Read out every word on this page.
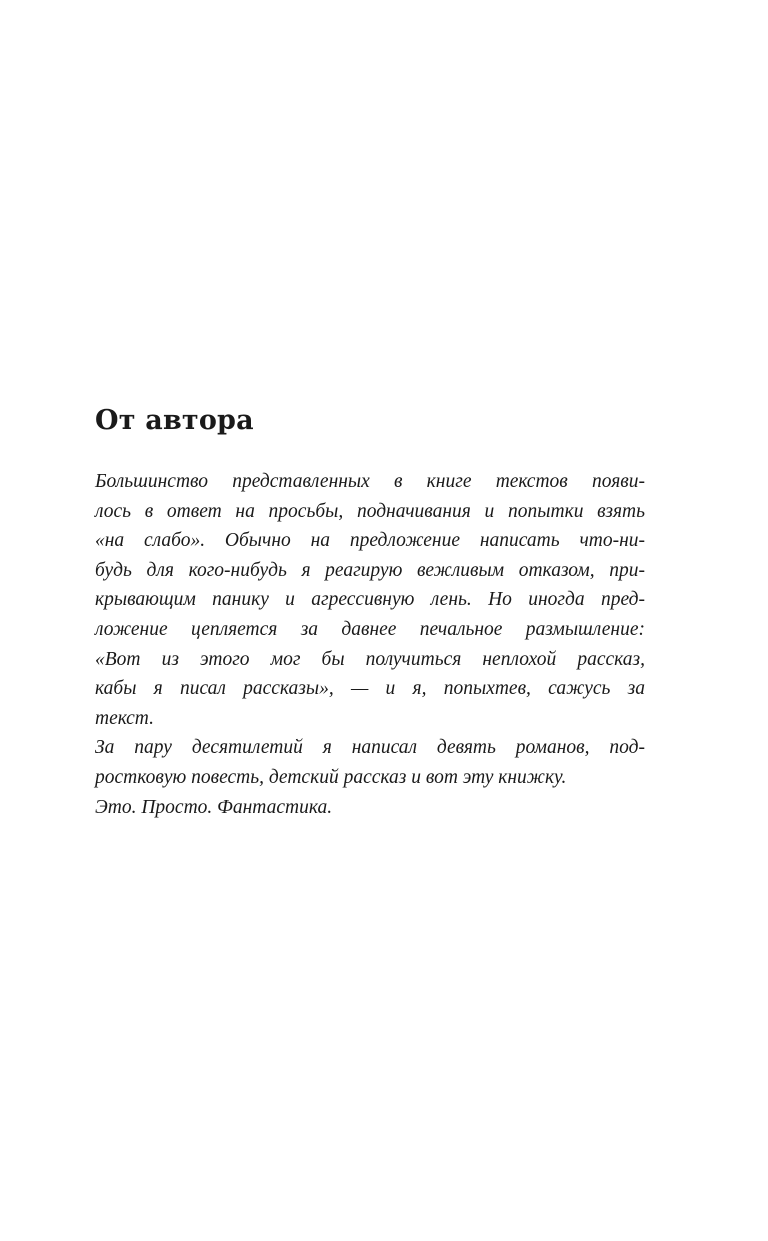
От автора
Большинство представленных в книге текстов появи-
лось в ответ на просьбы, подначивания и попытки взять
«на слабо». Обычно на предложение написать что-ни-
будь для кого-нибудь я реагирую вежливым отказом, при-
крывающим панику и агрессивную лень. Но иногда пред-
ложение цепляется за давнее печальное размышление:
«Вот из этого мог бы получиться неплохой рассказ,
кабы я писал рассказы», — и я, попыхтев, сажусь за
текст.
За пару десятилетий я написал девять романов, под-
ростковую повесть, детский рассказ и вот эту книжку.
Это. Просто. Фантастика.
